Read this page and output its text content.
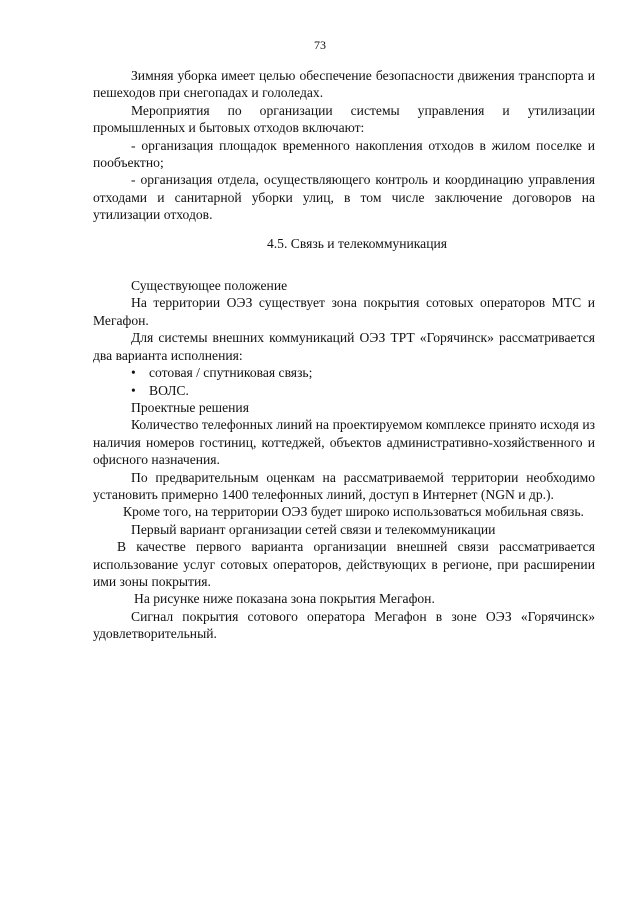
73

Зимняя уборка имеет целью обеспечение безопасности движения транспорта и пешеходов при снегопадах и гололедах.

Мероприятия по организации системы управления и утилизации промышленных и бытовых отходов включают:

- организация площадок временного накопления отходов в жилом поселке и пообъектно;

- организация отдела, осуществляющего контроль и координацию управления отходами и санитарной уборки улиц, в том числе заключение договоров на утилизации отходов.

4.5. Связь и телекоммуникация

Существующее положение

На территории ОЭЗ существует зона покрытия сотовых операторов МТС и Мегафон.

Для системы внешних коммуникаций ОЭЗ ТРТ «Горячинск» рассматривается два варианта исполнения:

• сотовая / спутниковая связь;
• ВОЛС.

Проектные решения

Количество телефонных линий на проектируемом комплексе принято исходя из наличия номеров гостиниц, коттеджей, объектов административно-хозяйственного и офисного назначения.

По предварительным оценкам на рассматриваемой территории необходимо установить примерно 1400 телефонных линий, доступ в Интернет (NGN и др.).

Кроме того, на территории ОЭЗ будет широко использоваться мобильная связь.

Первый вариант организации сетей связи и телекоммуникации

В качестве первого варианта организации внешней связи рассматривается использование услуг сотовых операторов, действующих в регионе, при расширении ими зоны покрытия.

На рисунке ниже показана зона покрытия Мегафон.

Сигнал покрытия сотового оператора Мегафон в зоне ОЭЗ «Горячинск» удовлетворительный.
